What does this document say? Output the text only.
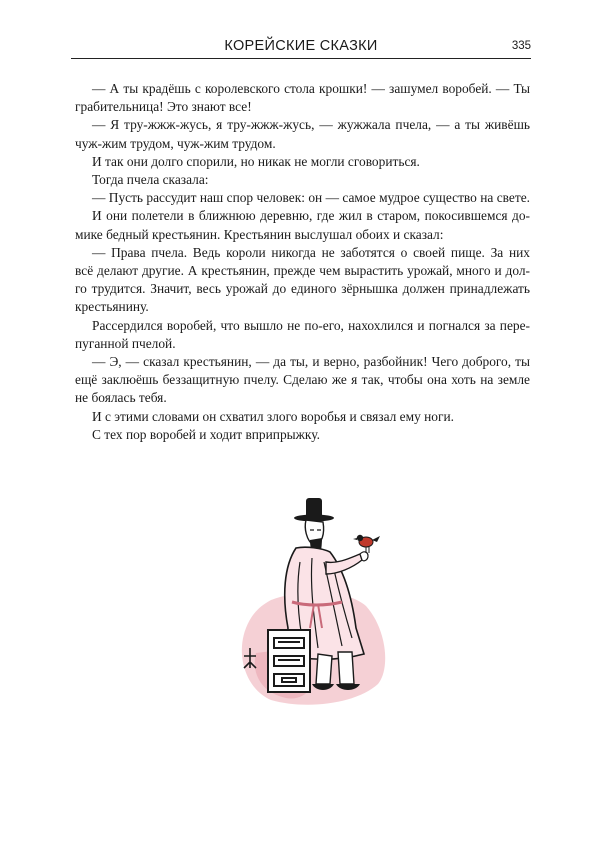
КОРЕЙСКИЕ СКАЗКИ	335

— А ты крадёшь с королевского стола крошки! — зашумел воробей. — Ты

грабительница! Это знают все!

— Я тру-жжж-жусь, я тру-жжж-жусь, — жужжала пчела, — а ты живёшь

чуж-жим трудом, чуж-жим трудом.

И так они долго спорили, но никак не могли сговориться.

Тогда пчела сказала:

— Пусть рассудит наш спор человек: он — самое мудрое существо на свете.

И они полетели в ближнюю деревню, где жил в старом, покосившемся до-

мике бедный крестьянин. Крестьянин выслушал обоих и сказал:

— Права пчела. Ведь короли никогда не заботятся о своей пище. За них

всё делают другие. А крестьянин, прежде чем вырастить урожай, много и дол-

го трудится. Значит, весь урожай до единого зёрнышка должен принадлежать

крестьянину.

Рассердился воробей, что вышло не по-его, нахохлился и погнался за пере-

пуганной пчелой.

— Э, — сказал крестьянин, — да ты, и верно, разбойник! Чего доброго, ты

ещё заклюёшь беззащитную пчелу. Сделаю же я так, чтобы она хоть на земле

не боялась тебя.

И с этими словами он схватил злого воробья и связал ему ноги.

С тех пор воробей и ходит вприпрыжку.
